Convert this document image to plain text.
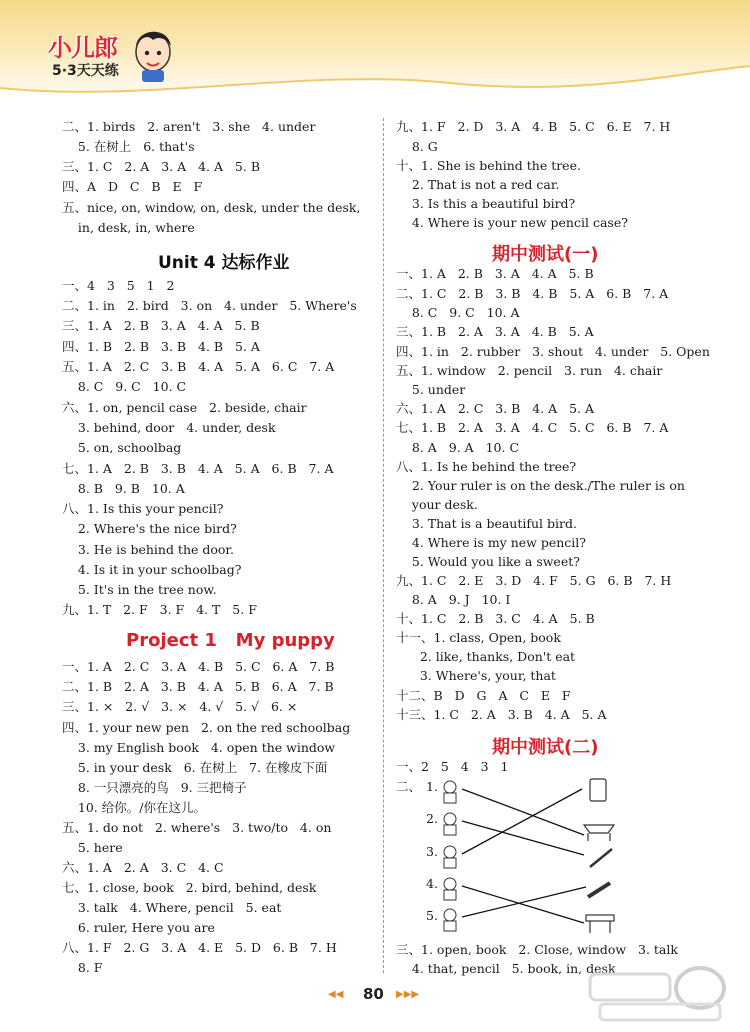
小儿郎
5·3天天练
二、1. birds   2. aren't   3. she   4. under
5. 在树上   6. that's
三、1. C   2. A   3. A   4. A   5. B
四、A   D   C   B   E   F
五、nice, on, window, on, desk, under the desk,
in, desk, in, where
Unit 4 达标作业
一、4   3   5   1   2
二、1. in   2. bird   3. on   4. under   5. Where's
三、1. A   2. B   3. A   4. A   5. B
四、1. B   2. B   3. B   4. B   5. A
五、1. A   2. C   3. B   4. A   5. A   6. C   7. A
8. C   9. C   10. C
六、1. on, pencil case   2. beside, chair
3. behind, door   4. under, desk
5. on, schoolbag
七、1. A   2. B   3. B   4. A   5. A   6. B   7. A
8. B   9. B   10. A
八、1. Is this your pencil?
2. Where's the nice bird?
3. He is behind the door.
4. Is it in your schoolbag?
5. It's in the tree now.
九、1. T   2. F   3. F   4. T   5. F
Project 1   My puppy
一、1. A   2. C   3. A   4. B   5. C   6. A   7. B
二、1. B   2. A   3. B   4. A   5. B   6. A   7. B
三、1. ×   2. √   3. ×   4. √   5. √   6. ×
四、1. your new pen   2. on the red schoolbag
3. my English book   4. open the window
5. in your desk   6. 在树上   7. 在橡皮下面
8. 一只漂亮的鸟   9. 三把椅子
10. 给你。/你在这儿。
五、1. do not   2. where's   3. two/to   4. on
5. here
六、1. A   2. A   3. C   4. C
七、1. close, book   2. bird, behind, desk
3. talk   4. Where, pencil   5. eat
6. ruler, Here you are
八、1. F   2. G   3. A   4. E   5. D   6. B   7. H
8. F
九、1. F   2. D   3. A   4. B   5. C   6. E   7. H
8. G
十、1. She is behind the tree.
2. That is not a red car.
3. Is this a beautiful bird?
4. Where is your new pencil case?
期中测试(一)
一、1. A   2. B   3. A   4. A   5. B
二、1. C   2. B   3. B   4. B   5. A   6. B   7. A
8. C   9. C   10. A
三、1. B   2. A   3. A   4. B   5. A
四、1. in   2. rubber   3. shout   4. under   5. Open
五、1. window   2. pencil   3. run   4. chair
5. under
六、1. A   2. C   3. B   4. A   5. A
七、1. B   2. A   3. A   4. C   5. C   6. B   7. A
8. A   9. A   10. C
八、1. Is he behind the tree?
2. Your ruler is on the desk./The ruler is on
your desk.
3. That is a beautiful bird.
4. Where is my new pencil?
5. Would you like a sweet?
九、1. C   2. E   3. D   4. F   5. G   6. B   7. H
8. A   9. J   10. I
十、1. C   2. B   3. C   4. A   5. B
十一、1. class, Open, book
2. like, thanks, Don't eat
3. Where's, your, that
十二、B   D   G   A   C   E   F
十三、1. C   2. A   3. B   4. A   5. A
期中测试(二)
一、2   5   4   3   1
二、 1.
2.
3.
4.
5.
三、1. open, book   2. Close, window   3. talk
4. that, pencil   5. book, in, desk
◀◀ 80 ▶▶▶
